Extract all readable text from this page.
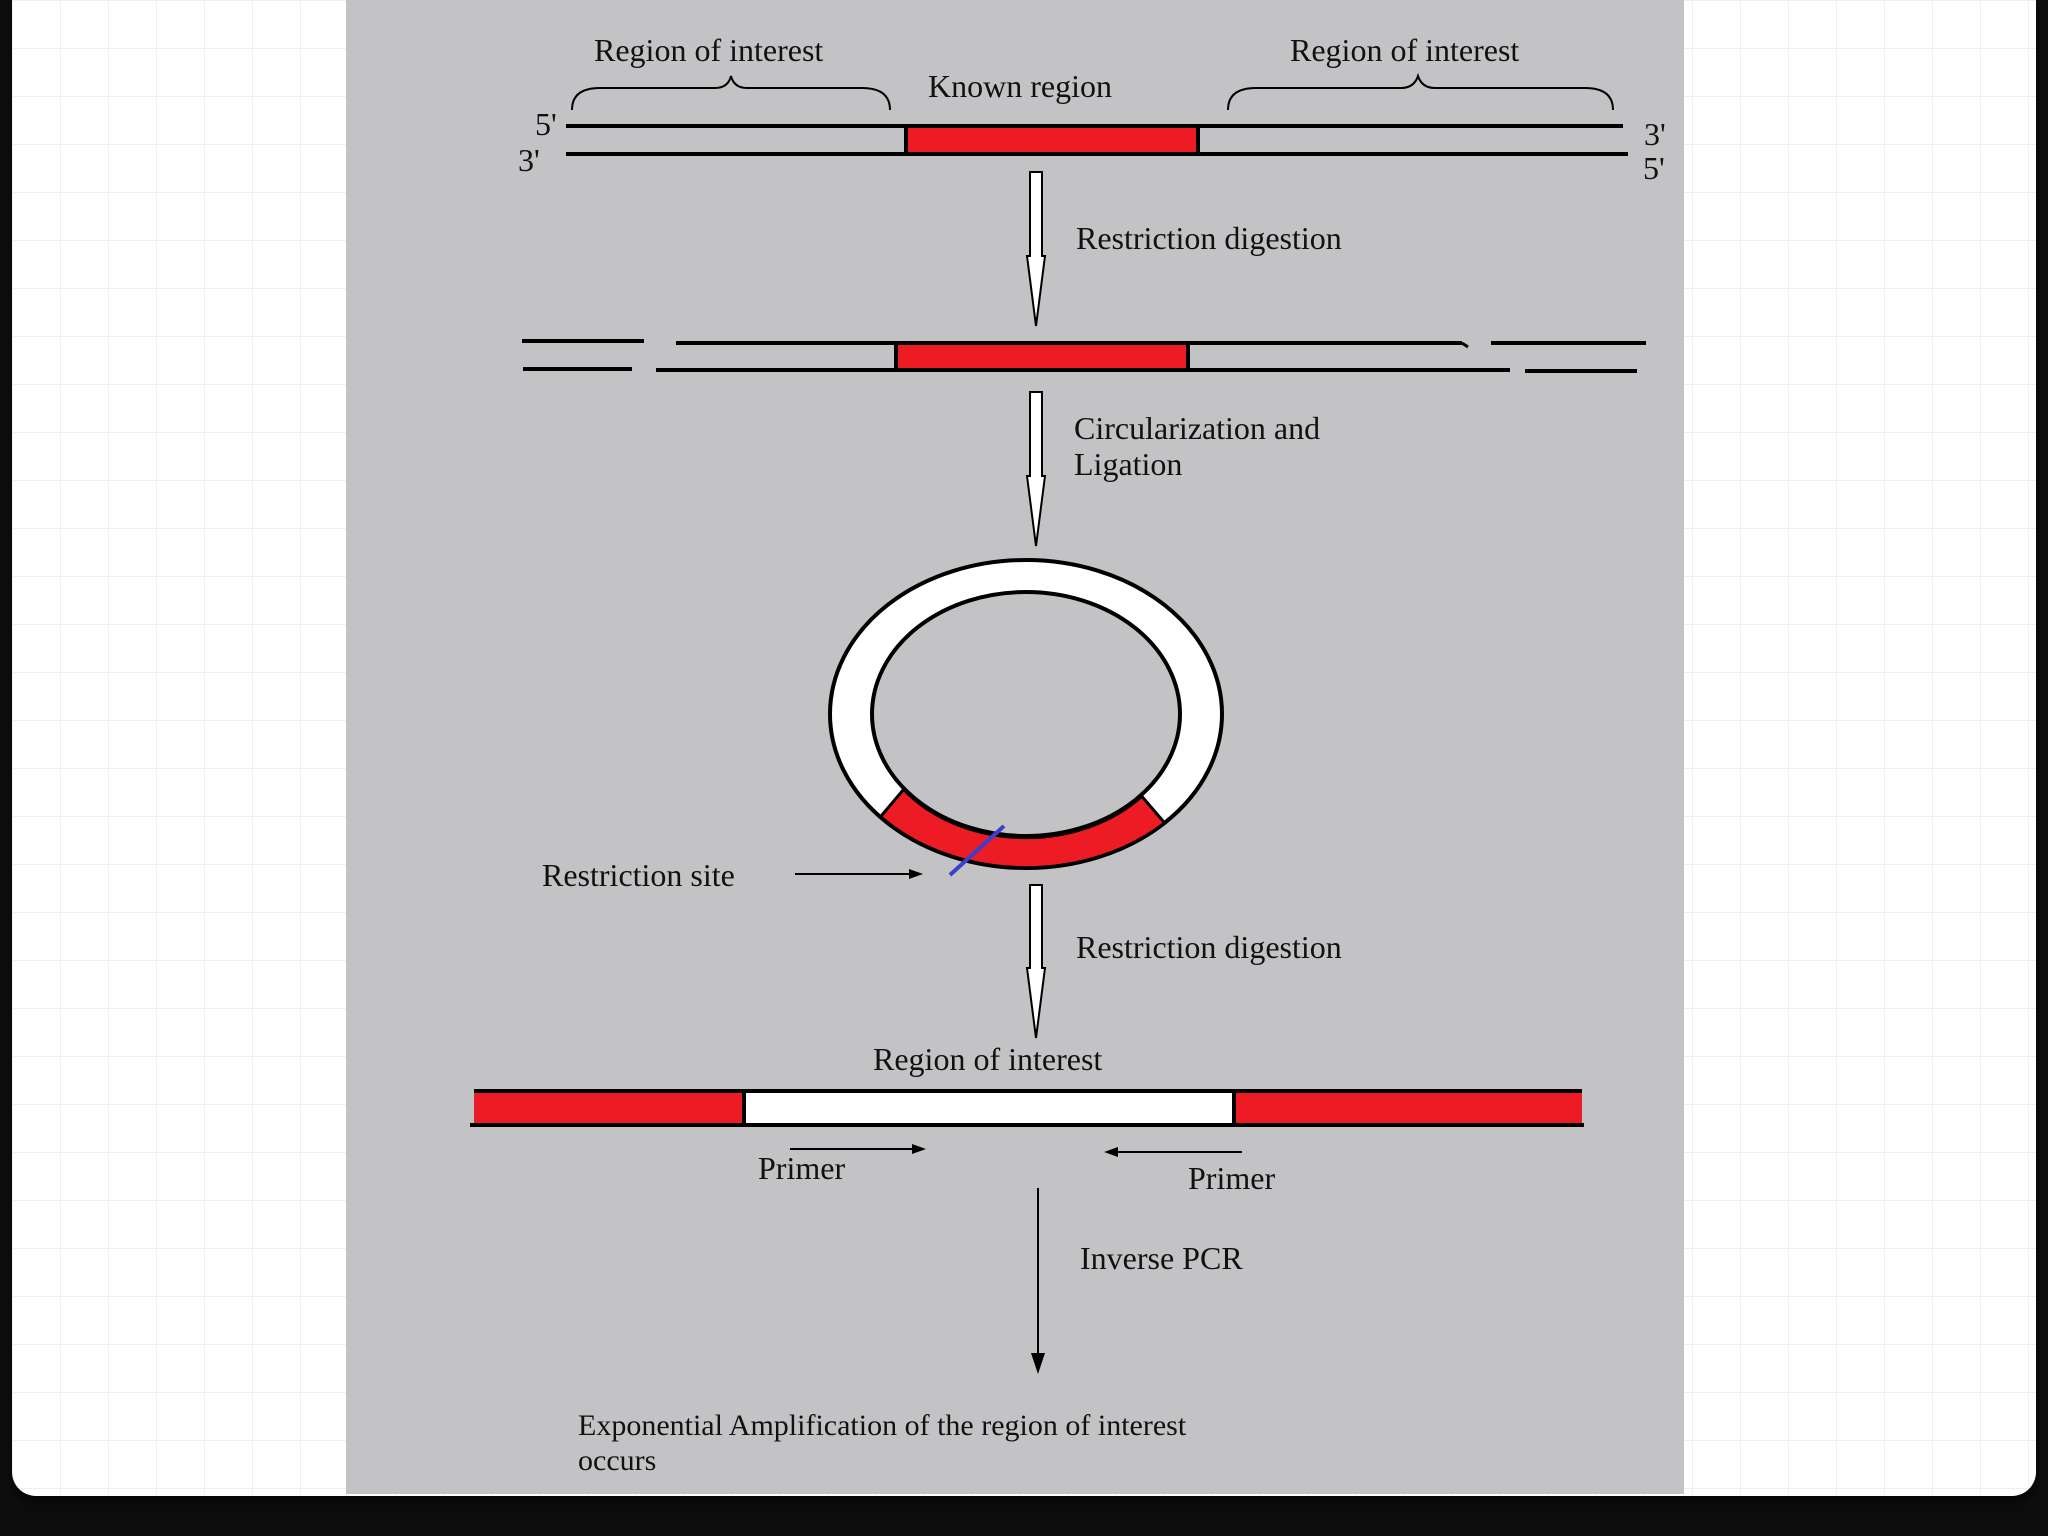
Region of interest	Region of interest
Known region
5'
3'
3'
5'
Restriction digestion
Circularization and
Ligation
Restriction site
Restriction digestion
Region of interest
Primer	Primer
Inverse PCR
Exponential Amplification of the region of interest
occurs
